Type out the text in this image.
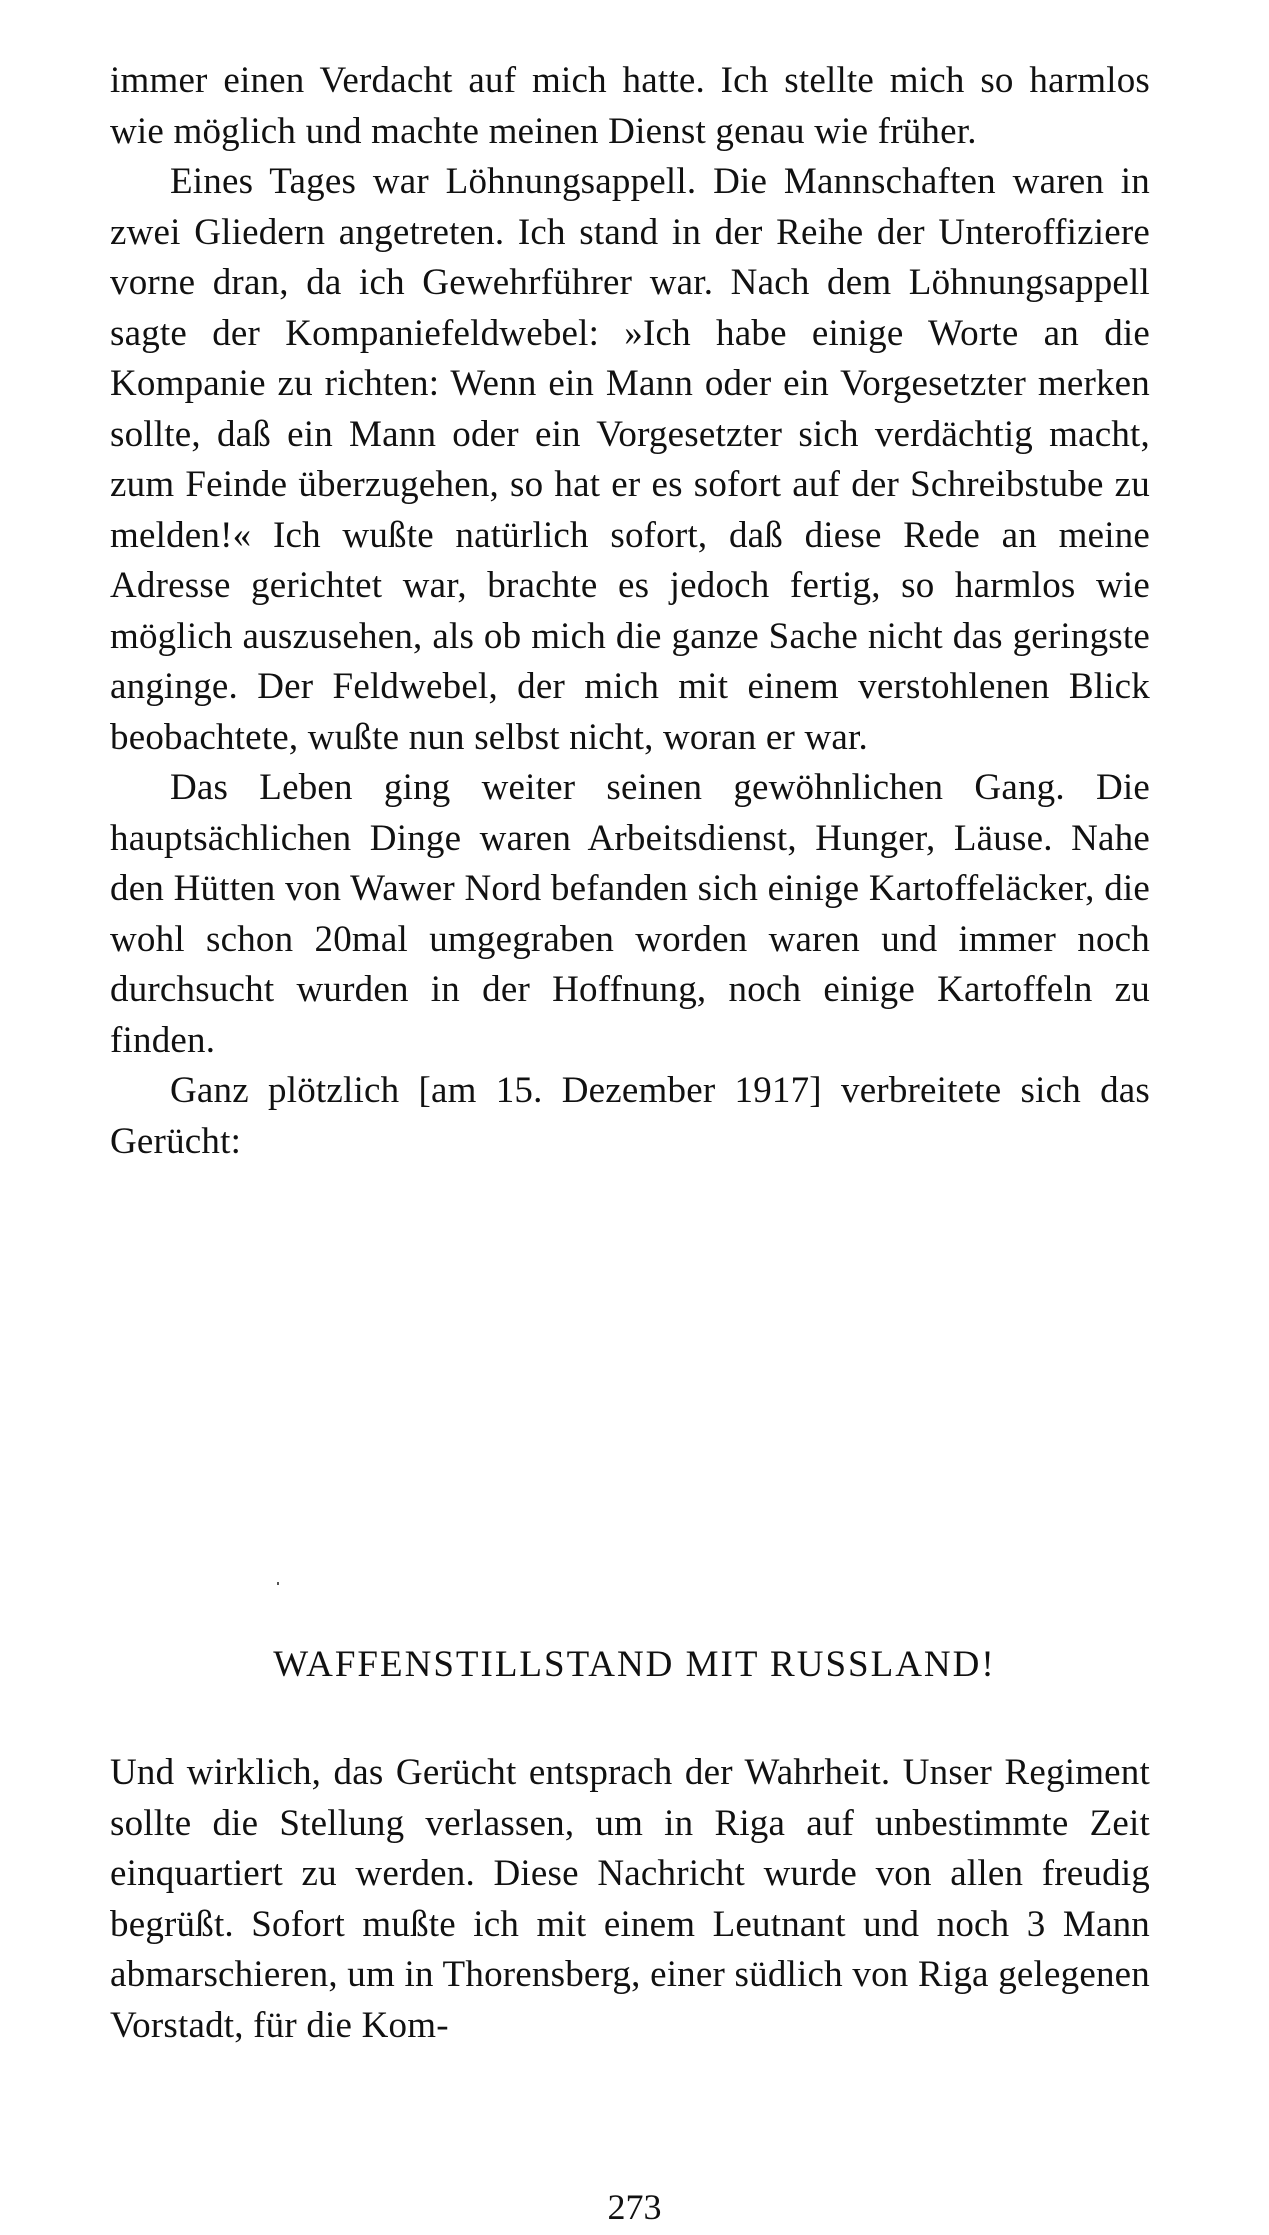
immer einen Verdacht auf mich hatte. Ich stellte mich so harmlos wie möglich und machte meinen Dienst genau wie früher.

Eines Tages war Löhnungsappell. Die Mannschaften waren in zwei Gliedern angetreten. Ich stand in der Reihe der Unteroffiziere vorne dran, da ich Gewehrführer war. Nach dem Löhnungsappell sagte der Kompaniefeldwebel: »Ich habe einige Worte an die Kompanie zu richten: Wenn ein Mann oder ein Vorgesetzter merken sollte, daß ein Mann oder ein Vorgesetzter sich verdächtig macht, zum Feinde überzugehen, so hat er es sofort auf der Schreibstube zu melden!« Ich wußte natürlich sofort, daß diese Rede an meine Adresse gerichtet war, brachte es jedoch fertig, so harmlos wie möglich auszusehen, als ob mich die ganze Sache nicht das geringste anginge. Der Feldwebel, der mich mit einem verstohlenen Blick beobachtete, wußte nun selbst nicht, woran er war.

Das Leben ging weiter seinen gewöhnlichen Gang. Die hauptsächlichen Dinge waren Arbeitsdienst, Hunger, Läuse. Nahe den Hütten von Wawer Nord befanden sich einige Kartoffeläcker, die wohl schon 20mal umgegraben worden waren und immer noch durchsucht wurden in der Hoffnung, noch einige Kartoffeln zu finden.

Ganz plötzlich [am 15. Dezember 1917] verbreitete sich das Gerücht:

WAFFENSTILLSTAND MIT RUSSLAND!

Und wirklich, das Gerücht entsprach der Wahrheit. Unser Regiment sollte die Stellung verlassen, um in Riga auf unbestimmte Zeit einquartiert zu werden. Diese Nachricht wurde von allen freudig begrüßt. Sofort mußte ich mit einem Leutnant und noch 3 Mann abmarschieren, um in Thorensberg, einer südlich von Riga gelegenen Vorstadt, für die Kom-

273
